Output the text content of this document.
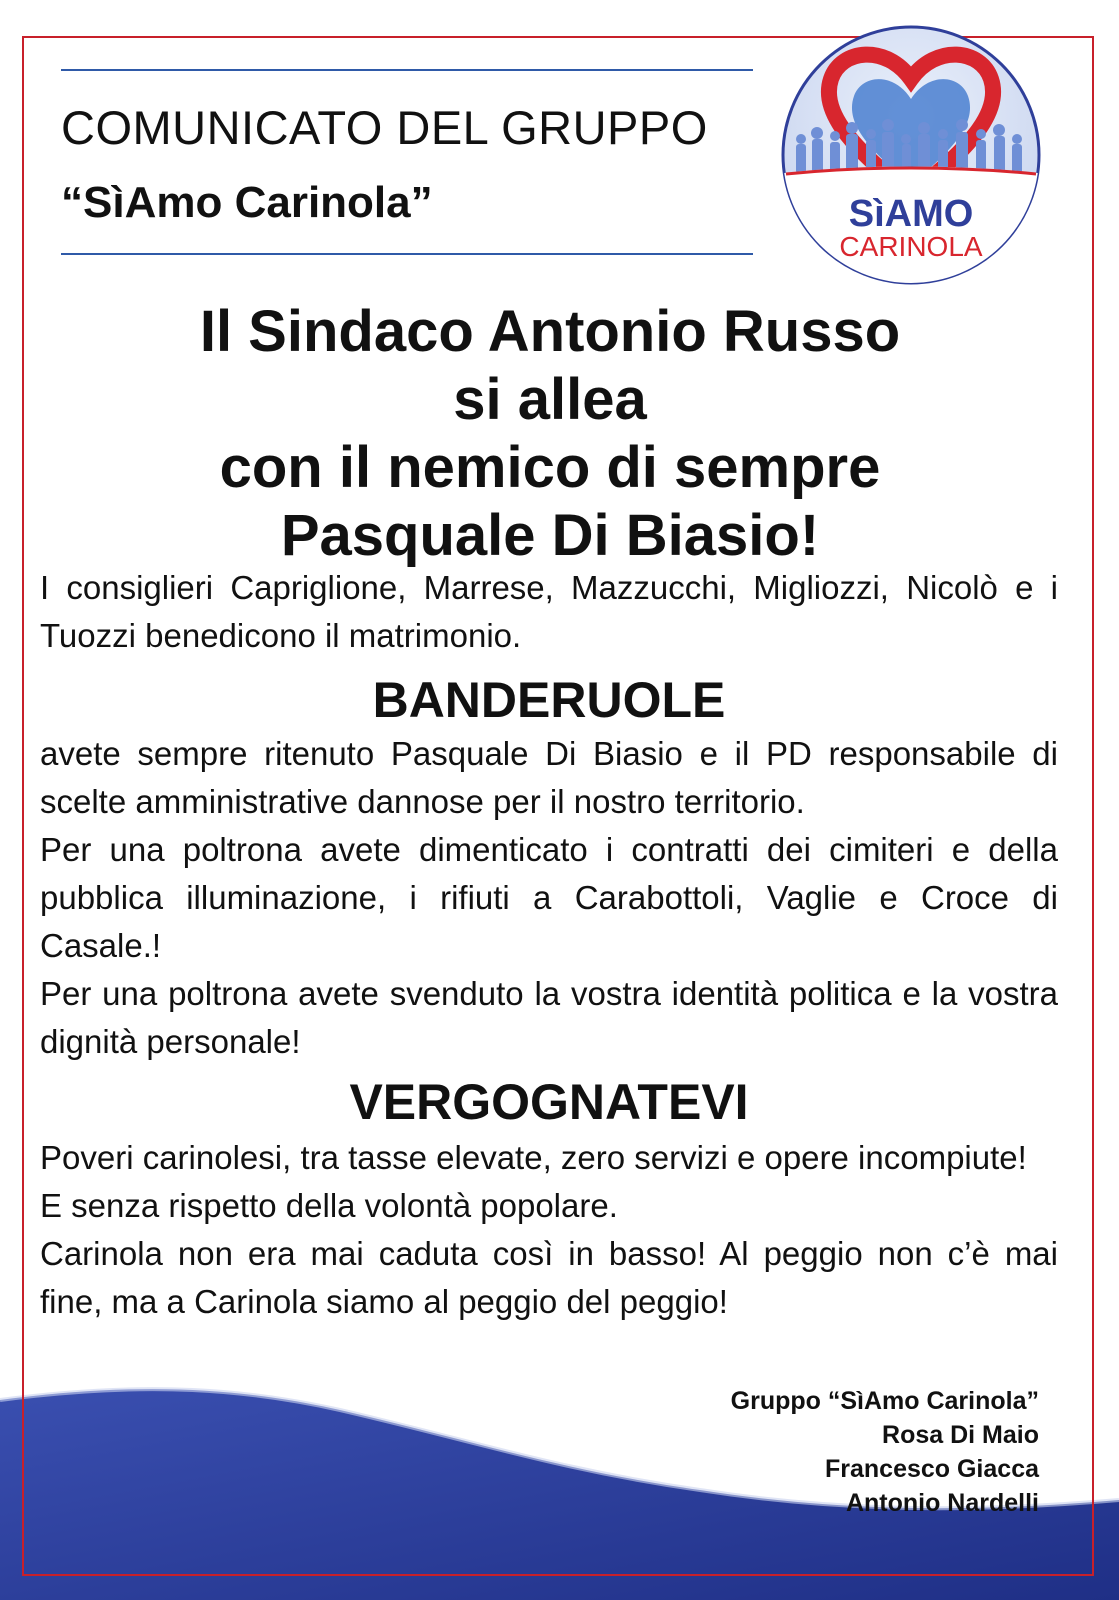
COMUNICATO DEL GRUPPO
“SìAmo Carinola”	SìAMO
CARINOLA
Il Sindaco Antonio Russo
si allea
con il nemico di sempre
Pasquale Di Biasio!

I consiglieri Capriglione, Marrese, Mazzucchi, Migliozzi, Nicolò e i Tuozzi benedicono il matrimonio.

BANDERUOLE

avete sempre ritenuto Pasquale Di Biasio e il PD responsabile di scelte amministrative dannose per il nostro territorio.

Per una poltrona avete dimenticato i contratti dei cimiteri e della pubblica illuminazione, i rifiuti a Carabottoli, Vaglie e Croce di Casale.!

Per una poltrona avete svenduto la vostra identità politica e la vostra dignità personale!

VERGOGNATEVI

Poveri carinolesi, tra tasse elevate, zero servizi e opere incompiute!

E senza rispetto della volontà popolare.

Carinola non era mai caduta così in basso! Al peggio non c’è mai fine, ma a Carinola siamo al peggio del peggio!

Gruppo “SìAmo Carinola”
Rosa Di Maio
Francesco Giacca
Antonio Nardelli
